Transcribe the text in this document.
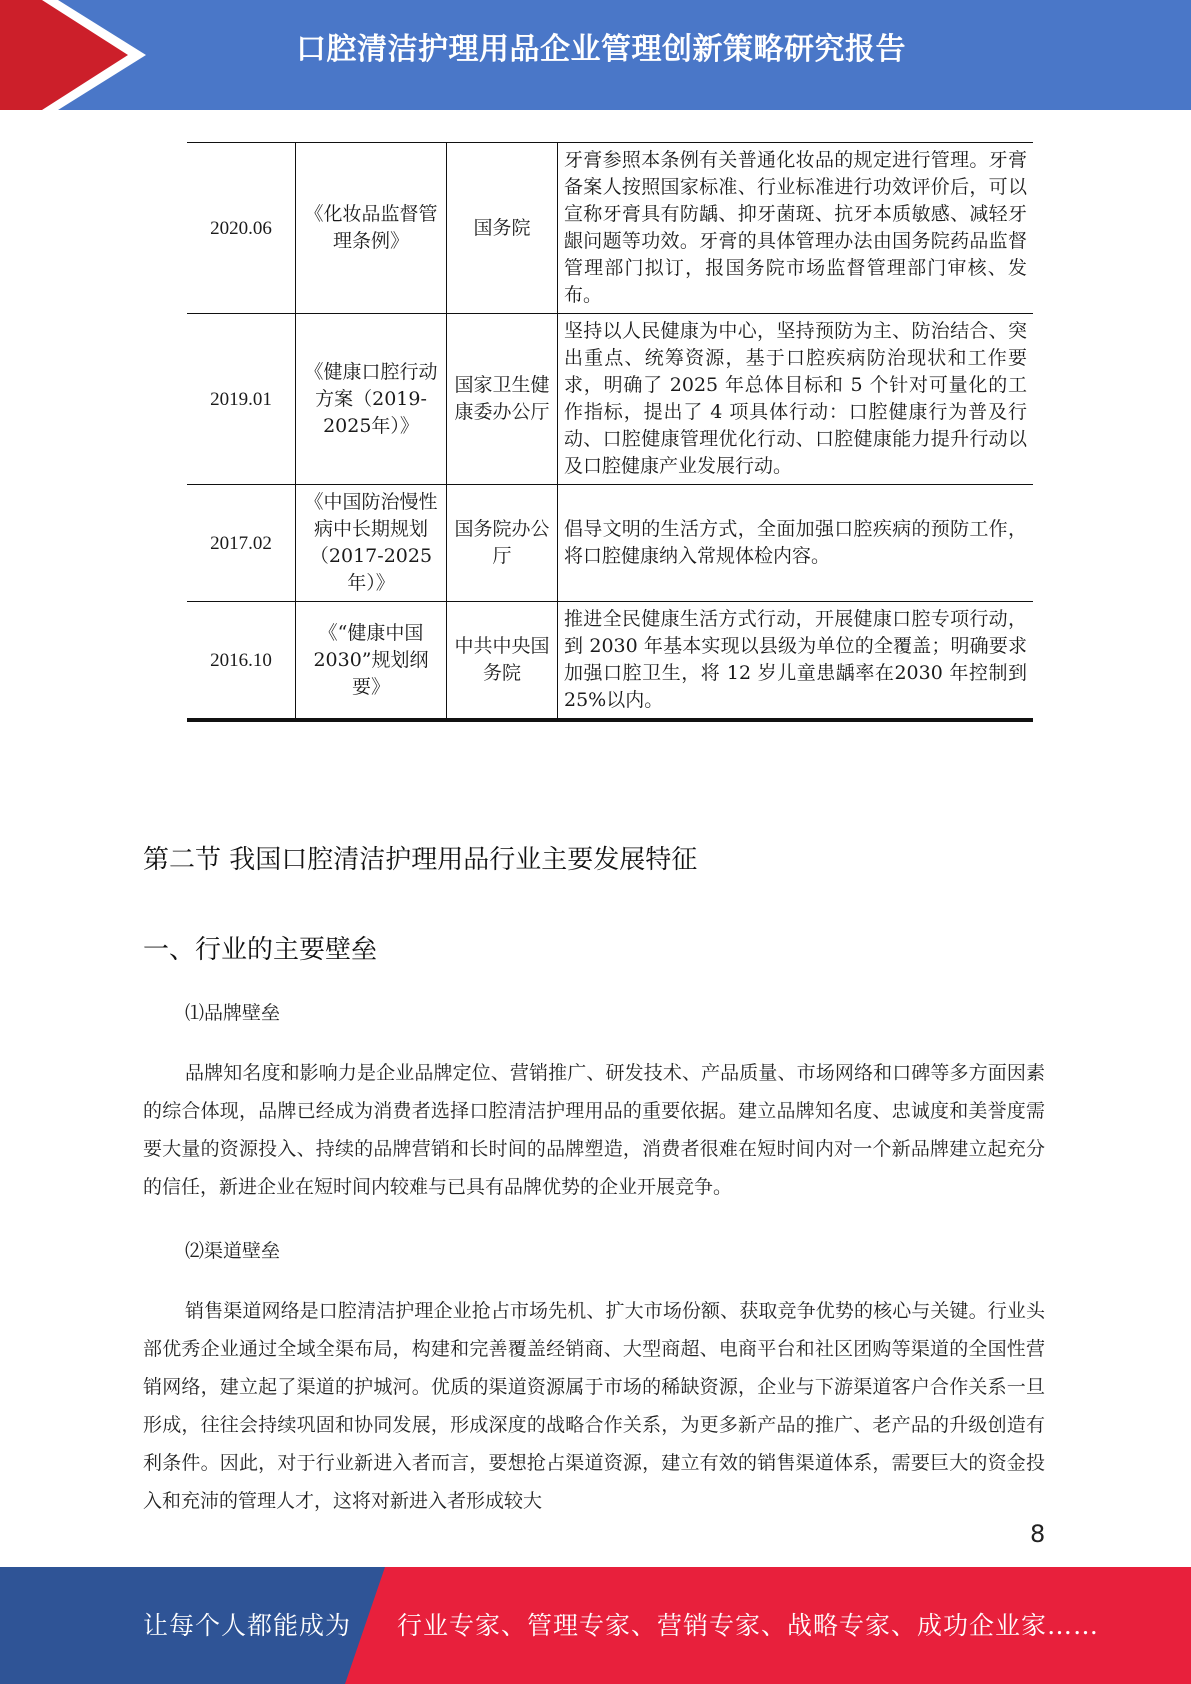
口腔清洁护理用品企业管理创新策略研究报告
2020.06	《化妆品监督管理条例》	国务院	牙膏参照本条例有关普通化妆品的规定进行管理。牙膏备案人按照国家标准、行业标准进行功效评价后，可以宣称牙膏具有防龋、抑牙菌斑、抗牙本质敏感、减轻牙龈问题等功效。牙膏的具体管理办法由国务院药品监督管理部门拟订，报国务院市场监督管理部门审核、发布。
2019.01	《健康口腔行动方案（2019-2025年）》	国家卫生健康委办公厅	坚持以人民健康为中心，坚持预防为主、防治结合、突出重点、统筹资源，基于口腔疾病防治现状和工作要求，明确了 2025 年总体目标和 5 个针对可量化的工作指标，提出了 4 项具体行动：口腔健康行为普及行动、口腔健康管理优化行动、口腔健康能力提升行动以及口腔健康产业发展行动。
2017.02	《中国防治慢性病中长期规划（2017-2025年）》	国务院办公厅	倡导文明的生活方式，全面加强口腔疾病的预防工作，将口腔健康纳入常规体检内容。
2016.10	《“健康中国2030”规划纲要》	中共中央国务院	推进全民健康生活方式行动，开展健康口腔专项行动，到 2030 年基本实现以县级为单位的全覆盖；明确要求加强口腔卫生，将 12 岁儿童患龋率在2030 年控制到 25%以内。
第二节 我国口腔清洁护理用品行业主要发展特征
一、行业的主要壁垒
⑴品牌壁垒

品牌知名度和影响力是企业品牌定位、营销推广、研发技术、产品质量、市场网络和口碑等多方面因素的综合体现，品牌已经成为消费者选择口腔清洁护理用品的重要依据。建立品牌知名度、忠诚度和美誉度需要大量的资源投入、持续的品牌营销和长时间的品牌塑造，消费者很难在短时间内对一个新品牌建立起充分的信任，新进企业在短时间内较难与已具有品牌优势的企业开展竞争。

⑵渠道壁垒

销售渠道网络是口腔清洁护理企业抢占市场先机、扩大市场份额、获取竞争优势的核心与关键。行业头部优秀企业通过全域全渠布局，构建和完善覆盖经销商、大型商超、电商平台和社区团购等渠道的全国性营销网络，建立起了渠道的护城河。优质的渠道资源属于市场的稀缺资源，企业与下游渠道客户合作关系一旦形成，往往会持续巩固和协同发展，形成深度的战略合作关系，为更多新产品的推广、老产品的升级创造有利条件。因此，对于行业新进入者而言，要想抢占渠道资源，建立有效的销售渠道体系，需要巨大的资金投入和充沛的管理人才，这将对新进入者形成较大

8
让每个人都能成为 行业专家、管理专家、营销专家、战略专家、成功企业家……
